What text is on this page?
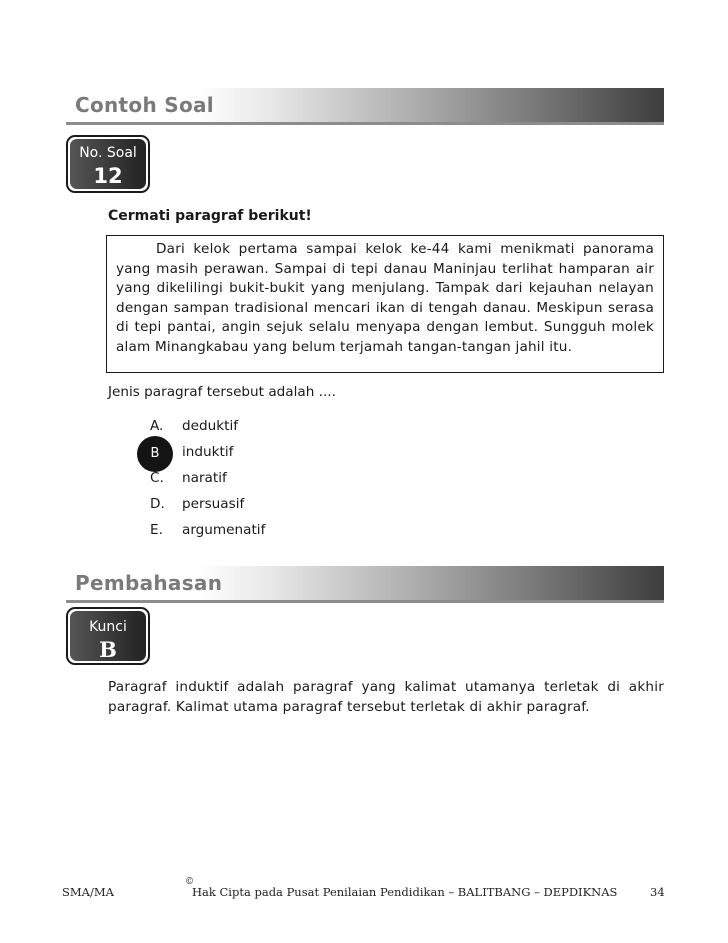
Contoh Soal
No. Soal
12
Cermati paragraf berikut!
Dari kelok pertama sampai kelok ke-44 kami menikmati panorama yang masih perawan. Sampai di tepi danau Maninjau terlihat hamparan air yang dikelilingi bukit-bukit yang menjulang. Tampak dari kejauhan nelayan dengan sampan tradisional mencari ikan di tengah danau. Meskipun serasa di tepi pantai, angin sejuk selalu menyapa dengan lembut. Sungguh molek alam Minangkabau yang belum terjamah tangan-tangan jahil itu.
Jenis paragraf tersebut adalah ....
A.	deduktif
B	induktif
C.	naratif
D.	persuasif
E.	argumenatif
Pembahasan
Kunci
B
Paragraf induktif adalah paragraf yang kalimat utamanya terletak di akhir paragraf. Kalimat utama paragraf tersebut terletak di akhir paragraf.
SMA/MA
©
Hak Cipta pada Pusat Penilaian Pendidikan – BALITBANG – DEPDIKNAS	34
